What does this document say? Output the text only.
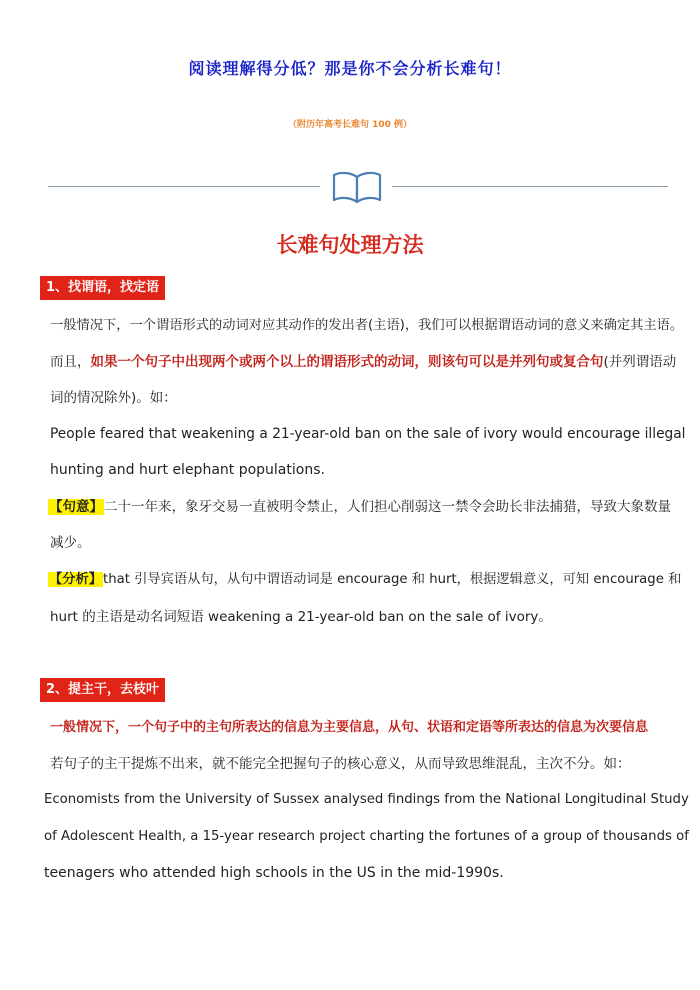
阅读理解得分低？那是你不会分析长难句！
（附历年高考长难句 100 例）
长难句处理方法
1、找谓语，找定语
一般情况下，一个谓语形式的动词对应其动作的发出者(主语)，我们可以根据谓语动词的意义来确定其主语。
而且，如果一个句子中出现两个或两个以上的谓语形式的动词，则该句可以是并列句或复合句(并列谓语动
词的情况除外)。如：
People feared that weakening a 21-year-old ban on the sale of ivory would encourage illegal
hunting and hurt elephant populations.
【句意】二十一年来，象牙交易一直被明令禁止，人们担心削弱这一禁令会助长非法捕猎，导致大象数量
减少。
【分析】that 引导宾语从句，从句中谓语动词是 encourage 和 hurt，根据逻辑意义，可知 encourage 和
hurt 的主语是动名词短语 weakening a 21-year-old ban on the sale of ivory。
2、提主干，去枝叶
一般情况下，一个句子中的主句所表达的信息为主要信息，从句、状语和定语等所表达的信息为次要信息
若句子的主干提炼不出来，就不能完全把握句子的核心意义，从而导致思维混乱，主次不分。如：
Economists from the University of Sussex analysed findings from the National Longitudinal Study
of Adolescent Health, a 15-year research project charting the fortunes of a group of thousands of
teenagers who attended high schools in the US in the mid-1990s.
